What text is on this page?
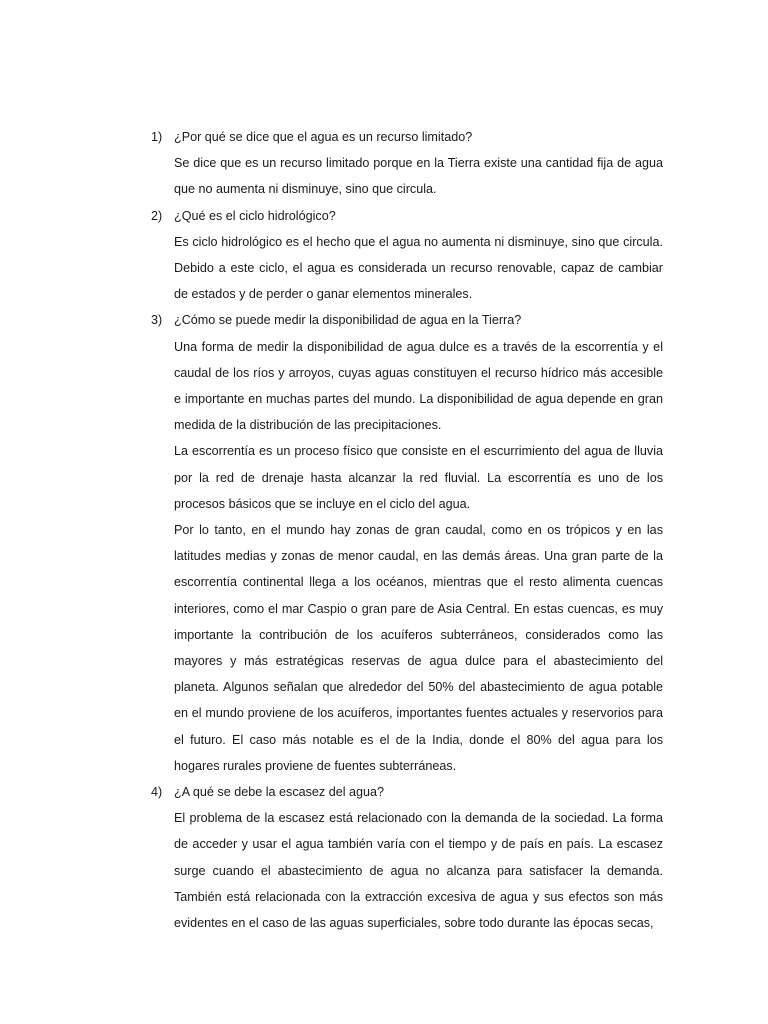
1) ¿Por qué se dice que el agua es un recurso limitado?

Se dice que es un recurso limitado porque en la Tierra existe una cantidad fija de agua que no aumenta ni disminuye, sino que circula.

2) ¿Qué es el ciclo hidrológico?

Es ciclo hidrológico es el hecho que el agua no aumenta ni disminuye, sino que circula. Debido a este ciclo, el agua es considerada un recurso renovable, capaz de cambiar de estados y de perder o ganar elementos minerales.

3) ¿Cómo se puede medir la disponibilidad de agua en la Tierra?

Una forma de medir la disponibilidad de agua dulce es a través de la escorrentía y el caudal de los ríos y arroyos, cuyas aguas constituyen el recurso hídrico más accesible e importante en muchas partes del mundo. La disponibilidad de agua depende en gran medida de la distribución de las precipitaciones.

La escorrentía es un proceso físico que consiste en el escurrimiento del agua de lluvia por la red de drenaje hasta alcanzar la red fluvial. La escorrentía es uno de los procesos básicos que se incluye en el ciclo del agua.

Por lo tanto, en el mundo hay zonas de gran caudal, como en os trópicos y en las latitudes medias y zonas de menor caudal, en las demás áreas. Una gran parte de la escorrentía continental llega a los océanos, mientras que el resto alimenta cuencas interiores, como el mar Caspio o gran pare de Asia Central. En estas cuencas, es muy importante la contribución de los acuíferos subterráneos, considerados como las mayores y más estratégicas reservas de agua dulce para el abastecimiento del planeta. Algunos señalan que alrededor del 50% del abastecimiento de agua potable en el mundo proviene de los acuíferos, importantes fuentes actuales y reservorios para el futuro. El caso más notable es el de la India, donde el 80% del agua para los hogares rurales proviene de fuentes subterráneas.

4) ¿A qué se debe la escasez del agua?

El problema de la escasez está relacionado con la demanda de la sociedad. La forma de acceder y usar el agua también varía con el tiempo y de país en país. La escasez surge cuando el abastecimiento de agua no alcanza para satisfacer la demanda. También está relacionada con la extracción excesiva de agua y sus efectos son más evidentes en el caso de las aguas superficiales, sobre todo durante las épocas secas,
